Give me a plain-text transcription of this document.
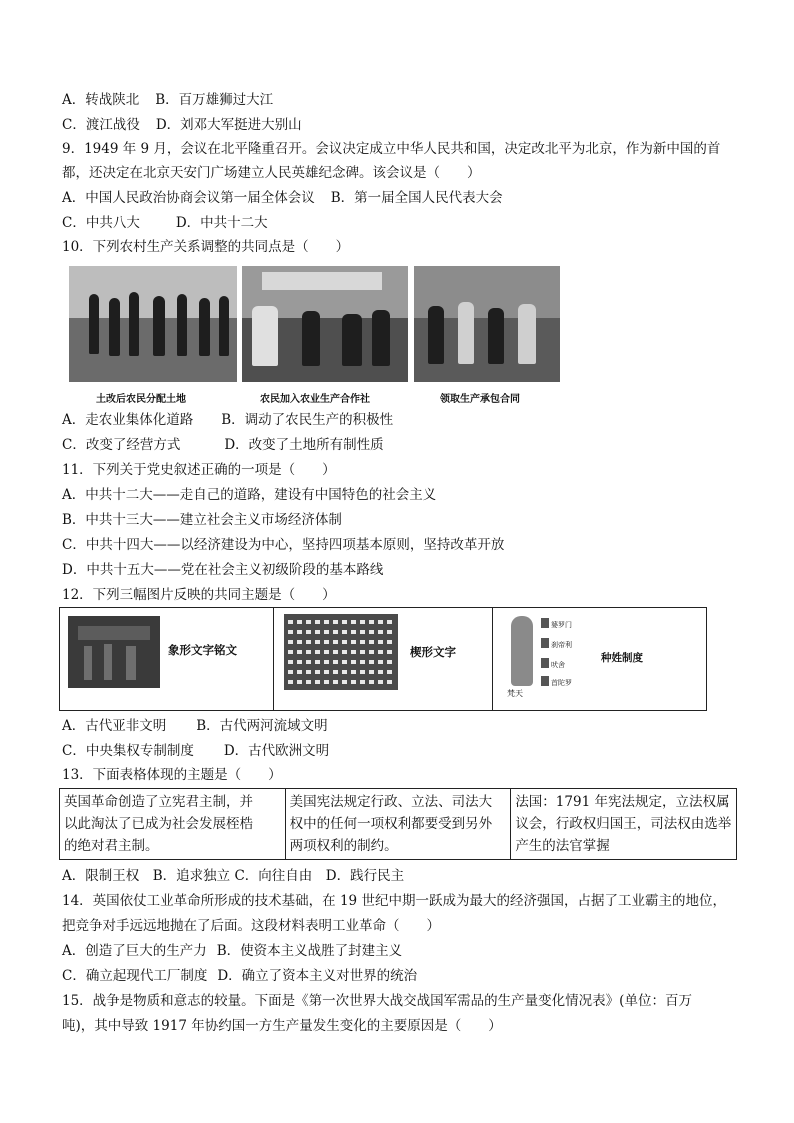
A．转战陕北 B．百万雄狮过大江
C．渡江战役 D．刘邓大军挺进大别山
9．1949 年 9 月，会议在北平隆重召开。会议决定成立中华人民共和国，决定改北平为北京，作为新中国的首
都，还决定在北京天安门广场建立人民英雄纪念碑。该会议是（　　）
A．中国人民政治协商会议第一届全体会议 B．第一届全国人民代表大会
C．中共八大	D．中共十二大
10．下列农村生产关系调整的共同点是（　　）
土改后农民分配土地	农民加入农业生产合作社	领取生产承包合同
A．走农业集体化道路 B．调动了农民生产的积极性
C．改变了经营方式	D．改变了土地所有制性质
11．下列关于党史叙述正确的一项是（　　）
A．中共十二大——走自己的道路，建设有中国特色的社会主义
B．中共十三大——建立社会主义市场经济体制
C．中共十四大——以经济建设为中心，坚持四项基本原则，坚持改革开放
D．中共十五大——党在社会主义初级阶段的基本路线
12．下列三幅图片反映的共同主题是（　　）
象形文字铭文	楔形文字

婆罗门
刹帝利
吠舍
首陀罗
梵天
种姓制度
A．古代亚非文明 B．古代两河流域文明
C．中央集权专制制度 D．古代欧洲文明
13．下面表格体现的主题是（　　）
英国革命创造了立宪君主制，并
以此淘汰了已成为社会发展桎梏
的绝对君主制。

美国宪法规定行政、立法、司法大
权中的任何一项权利都要受到另外
两项权利的制约。

法国：1791 年宪法规定，立法权属
议会，行政权归国王，司法权由选举
产生的法官掌握
A．限制王权　B．追求独立 C．向往自由　D．践行民主
14．英国依仗工业革命所形成的技术基础，在 19 世纪中期一跃成为最大的经济强国，占据了工业霸主的地位，
把竞争对手远远地抛在了后面。这段材料表明工业革命（　　）
A．创造了巨大的生产力 B．使资本主义战胜了封建主义
C．确立起现代工厂制度 D．确立了资本主义对世界的统治
15．战争是物质和意志的较量。下面是《第一次世界大战交战国军需品的生产量变化情况表》(单位：百万
吨)，其中导致 1917 年协约国一方生产量发生变化的主要原因是（　　）
